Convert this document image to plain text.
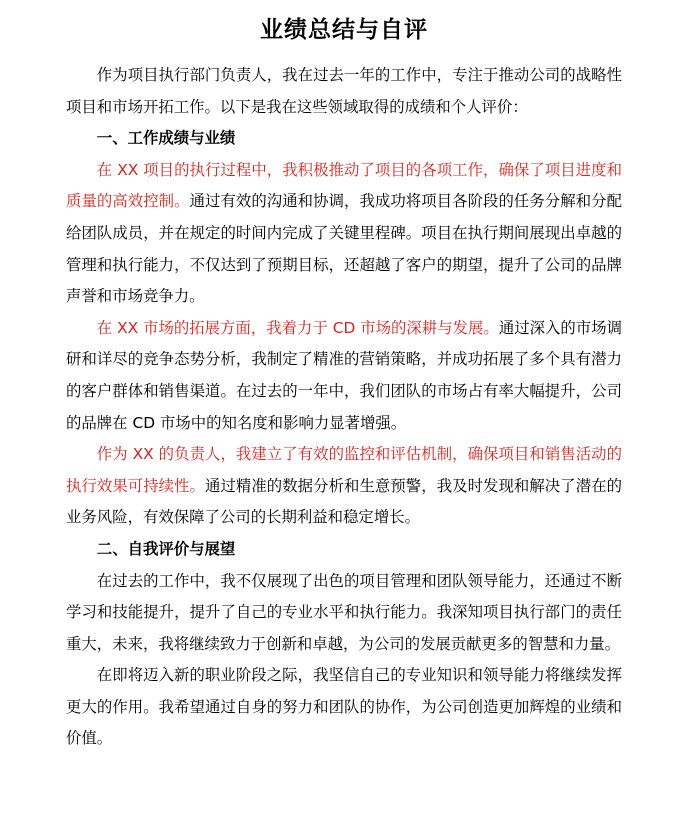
业绩总结与自评

作为项目执行部门负责人，我在过去一年的工作中，专注于推动公司的战略性项目和市场开拓工作。以下是我在这些领域取得的成绩和个人评价：

一、工作成绩与业绩

在 XX 项目的执行过程中，我积极推动了项目的各项工作，确保了项目进度和质量的高效控制。通过有效的沟通和协调，我成功将项目各阶段的任务分解和分配给团队成员，并在规定的时间内完成了关键里程碑。项目在执行期间展现出卓越的管理和执行能力，不仅达到了预期目标，还超越了客户的期望，提升了公司的品牌声誉和市场竞争力。

在 XX 市场的拓展方面，我着力于 CD 市场的深耕与发展。通过深入的市场调研和详尽的竞争态势分析，我制定了精准的营销策略，并成功拓展了多个具有潜力的客户群体和销售渠道。在过去的一年中，我们团队的市场占有率大幅提升，公司的品牌在 CD 市场中的知名度和影响力显著增强。

作为 XX 的负责人，我建立了有效的监控和评估机制，确保项目和销售活动的执行效果可持续性。通过精准的数据分析和生意预警，我及时发现和解决了潜在的业务风险，有效保障了公司的长期利益和稳定增长。

二、自我评价与展望

在过去的工作中，我不仅展现了出色的项目管理和团队领导能力，还通过不断学习和技能提升，提升了自己的专业水平和执行能力。我深知项目执行部门的责任重大，未来，我将继续致力于创新和卓越，为公司的发展贡献更多的智慧和力量。

在即将迈入新的职业阶段之际，我坚信自己的专业知识和领导能力将继续发挥更大的作用。我希望通过自身的努力和团队的协作，为公司创造更加辉煌的业绩和价值。
